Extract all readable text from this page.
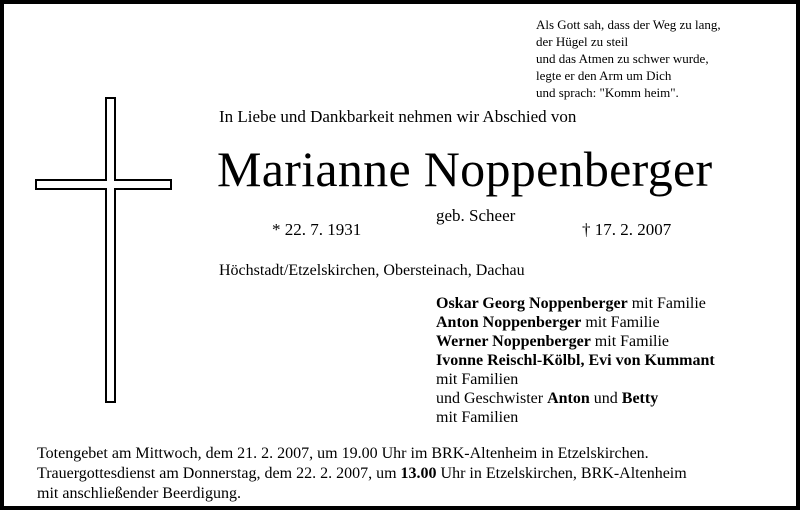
Als Gott sah, dass der Weg zu lang,
der Hügel zu steil
und das Atmen zu schwer wurde,
legte er den Arm um Dich
und sprach: "Komm heim".
In Liebe und Dankbarkeit nehmen wir Abschied von
Marianne Noppenberger
* 22. 7. 1931
geb. Scheer
† 17. 2. 2007
Höchstadt/Etzelskirchen, Obersteinach, Dachau
Oskar Georg Noppenberger mit Familie
Anton Noppenberger mit Familie
Werner Noppenberger mit Familie
Ivonne Reischl-Kölbl, Evi von Kummant
mit Familien
und Geschwister Anton und Betty
mit Familien
Totengebet am Mittwoch, dem 21. 2. 2007, um 19.00 Uhr im BRK-Altenheim in Etzelskirchen.
Trauergottesdienst am Donnerstag, dem 22. 2. 2007, um 13.00 Uhr in Etzelskirchen, BRK-Altenheim
mit anschließender Beerdigung.
